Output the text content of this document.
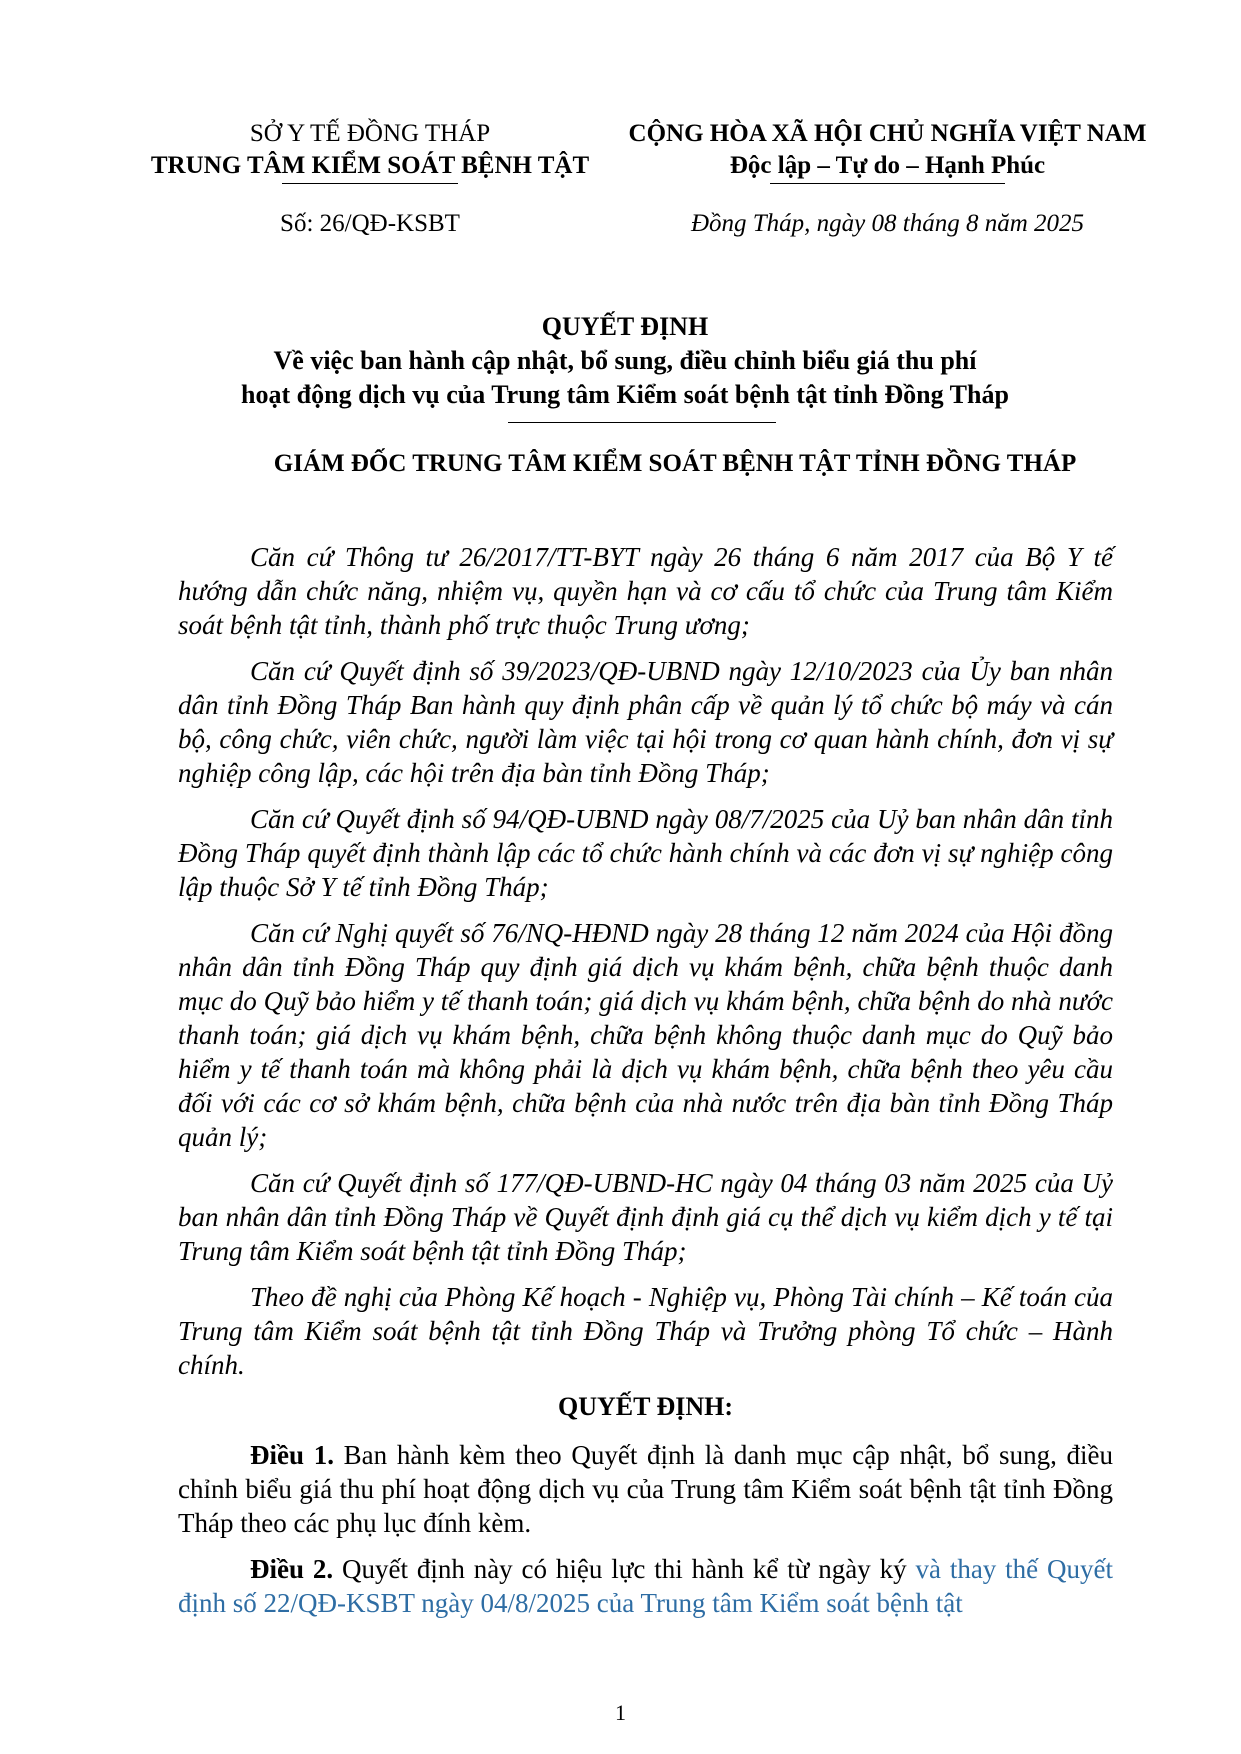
SỞ Y TẾ ĐỒNG THÁP
TRUNG TÂM KIỂM SOÁT BỆNH TẬT
CỘNG HÒA XÃ HỘI CHỦ NGHĨA VIỆT NAM
Độc lập – Tự do – Hạnh Phúc
Số: 26/QĐ-KSBT	Đồng Tháp, ngày 08 tháng 8 năm 2025
QUYẾT ĐỊNH
Về việc ban hành cập nhật, bổ sung, điều chỉnh biểu giá thu phí
hoạt động dịch vụ của Trung tâm Kiểm soát bệnh tật tỉnh Đồng Tháp
GIÁM ĐỐC TRUNG TÂM KIỂM SOÁT BỆNH TẬT TỈNH ĐỒNG THÁP

Căn cứ Thông tư 26/2017/TT-BYT ngày 26 tháng 6 năm 2017 của Bộ Y tế hướng dẫn chức năng, nhiệm vụ, quyền hạn và cơ cấu tổ chức của Trung tâm Kiểm soát bệnh tật tỉnh, thành phố trực thuộc Trung ương;

Căn cứ Quyết định số 39/2023/QĐ-UBND ngày 12/10/2023 của Ủy ban nhân dân tỉnh Đồng Tháp Ban hành quy định phân cấp về quản lý tổ chức bộ máy và cán bộ, công chức, viên chức, người làm việc tại hội trong cơ quan hành chính, đơn vị sự nghiệp công lập, các hội trên địa bàn tỉnh Đồng Tháp;

Căn cứ Quyết định số 94/QĐ-UBND ngày 08/7/2025 của Uỷ ban nhân dân tỉnh Đồng Tháp quyết định thành lập các tổ chức hành chính và các đơn vị sự nghiệp công lập thuộc Sở Y tế tỉnh Đồng Tháp;

Căn cứ Nghị quyết số 76/NQ-HĐND ngày 28 tháng 12 năm 2024 của Hội đồng nhân dân tỉnh Đồng Tháp quy định giá dịch vụ khám bệnh, chữa bệnh thuộc danh mục do Quỹ bảo hiểm y tế thanh toán; giá dịch vụ khám bệnh, chữa bệnh do nhà nước thanh toán; giá dịch vụ khám bệnh, chữa bệnh không thuộc danh mục do Quỹ bảo hiểm y tế thanh toán mà không phải là dịch vụ khám bệnh, chữa bệnh theo yêu cầu đối với các cơ sở khám bệnh, chữa bệnh của nhà nước trên địa bàn tỉnh Đồng Tháp quản lý;

Căn cứ Quyết định số 177/QĐ-UBND-HC ngày 04 tháng 03 năm 2025 của Uỷ ban nhân dân tỉnh Đồng Tháp về Quyết định định giá cụ thể dịch vụ kiểm dịch y tế tại Trung tâm Kiểm soát bệnh tật tỉnh Đồng Tháp;

Theo đề nghị của Phòng Kế hoạch - Nghiệp vụ, Phòng Tài chính – Kế toán của Trung tâm Kiểm soát bệnh tật tỉnh Đồng Tháp và Trưởng phòng Tổ chức – Hành chính.

QUYẾT ĐỊNH:

Điều 1. Ban hành kèm theo Quyết định là danh mục cập nhật, bổ sung, điều chỉnh biểu giá thu phí hoạt động dịch vụ của Trung tâm Kiểm soát bệnh tật tỉnh Đồng Tháp theo các phụ lục đính kèm.

Điều 2. Quyết định này có hiệu lực thi hành kể từ ngày ký và thay thế Quyết định số 22/QĐ-KSBT ngày 04/8/2025 của Trung tâm Kiểm soát bệnh tật

1
